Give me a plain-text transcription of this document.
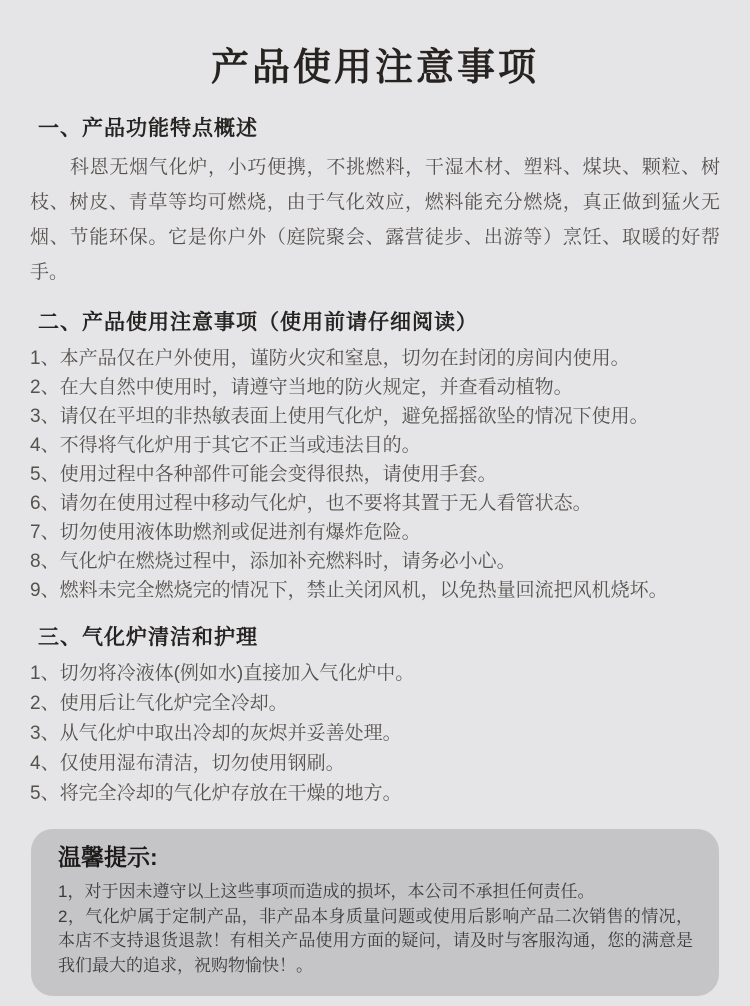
产品使用注意事项
一、产品功能特点概述

科恩无烟气化炉，小巧便携，不挑燃料，干湿木材、塑料、煤块、颗粒、树枝、树皮、青草等均可燃烧，由于气化效应，燃料能充分燃烧，真正做到猛火无烟、节能环保。它是你户外（庭院聚会、露营徒步、出游等）烹饪、取暖的好帮手。

二、产品使用注意事项（使用前请仔细阅读）
1、本产品仅在户外使用，谨防火灾和窒息，切勿在封闭的房间内使用。
2、在大自然中使用时，请遵守当地的防火规定，并查看动植物。
3、请仅在平坦的非热敏表面上使用气化炉，避免摇摇欲坠的情况下使用。
4、不得将气化炉用于其它不正当或违法目的。
5、使用过程中各种部件可能会变得很热，请使用手套。
6、请勿在使用过程中移动气化炉，也不要将其置于无人看管状态。
7、切勿使用液体助燃剂或促进剂有爆炸危险。
8、气化炉在燃烧过程中，添加补充燃料时，请务必小心。
9、燃料未完全燃烧完的情况下，禁止关闭风机，以免热量回流把风机烧坏。
三、气化炉清洁和护理
1、切勿将冷液体(例如水)直接加入气化炉中。
2、使用后让气化炉完全冷却。
3、从气化炉中取出冷却的灰烬并妥善处理。
4、仅使用湿布清洁，切勿使用钢刷。
5、将完全冷却的气化炉存放在干燥的地方。
温馨提示:

1，对于因未遵守以上这些事项而造成的损坏，本公司不承担任何责任。

2，气化炉属于定制产品，非产品本身质量问题或使用后影响产品二次销售的情况，本店不支持退货退款！有相关产品使用方面的疑问，请及时与客服沟通，您的满意是我们最大的追求，祝购物愉快！。
